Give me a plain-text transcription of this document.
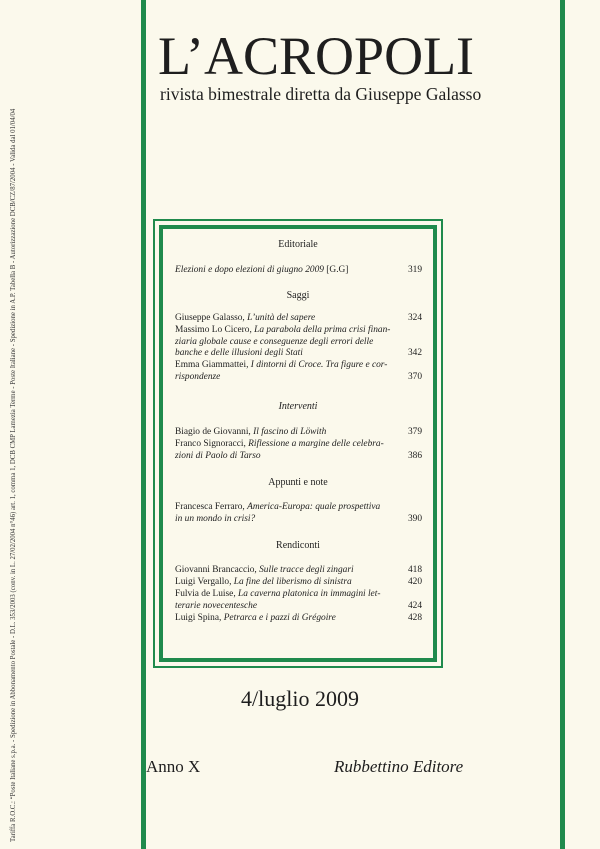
Tariffa R.O.C.: “Poste Italiane s.p.a. - Spedizione in Abbonamento Postale - D.L. 353/2003 (conv. in L. 27/02/2004 n°46) art. 1, comma 1, DCB CMP Lamezia Terme - Poste Italiane - Spedizione in A.P. Tabella B - Autorizzazione DCB/CZ/87/2004 - Valida dal 01/04/04
L’ACROPOLI
rivista bimestrale diretta da Giuseppe Galasso
Editoriale
Elezioni e dopo elezioni di giugno 2009 [G.G]	319
Saggi
Giuseppe Galasso, L’unità del sapere	324
Massimo Lo Cicero, La parabola della prima crisi finan-
ziaria globale cause e conseguenze degli errori delle
banche e delle illusioni degli Stati	342
Emma Giammattei, I dintorni di Croce. Tra figure e cor-
rispondenze	370
Interventi
Biagio de Giovanni, Il fascino di Löwith	379
Franco Signoracci, Riflessione a margine delle celebra-
zioni di Paolo di Tarso	386
Appunti e note
Francesca Ferraro, America-Europa: quale prospettiva
in un mondo in crisi?	390
Rendiconti
Giovanni Brancaccio, Sulle tracce degli zingari	418
Luigi Vergallo, La fine del liberismo di sinistra	420
Fulvia de Luise, La caverna platonica in immagini let-
terarie novecentesche	424
Luigi Spina, Petrarca e i pazzi di Grégoire	428
4/luglio 2009
Anno X	Rubbettino Editore
